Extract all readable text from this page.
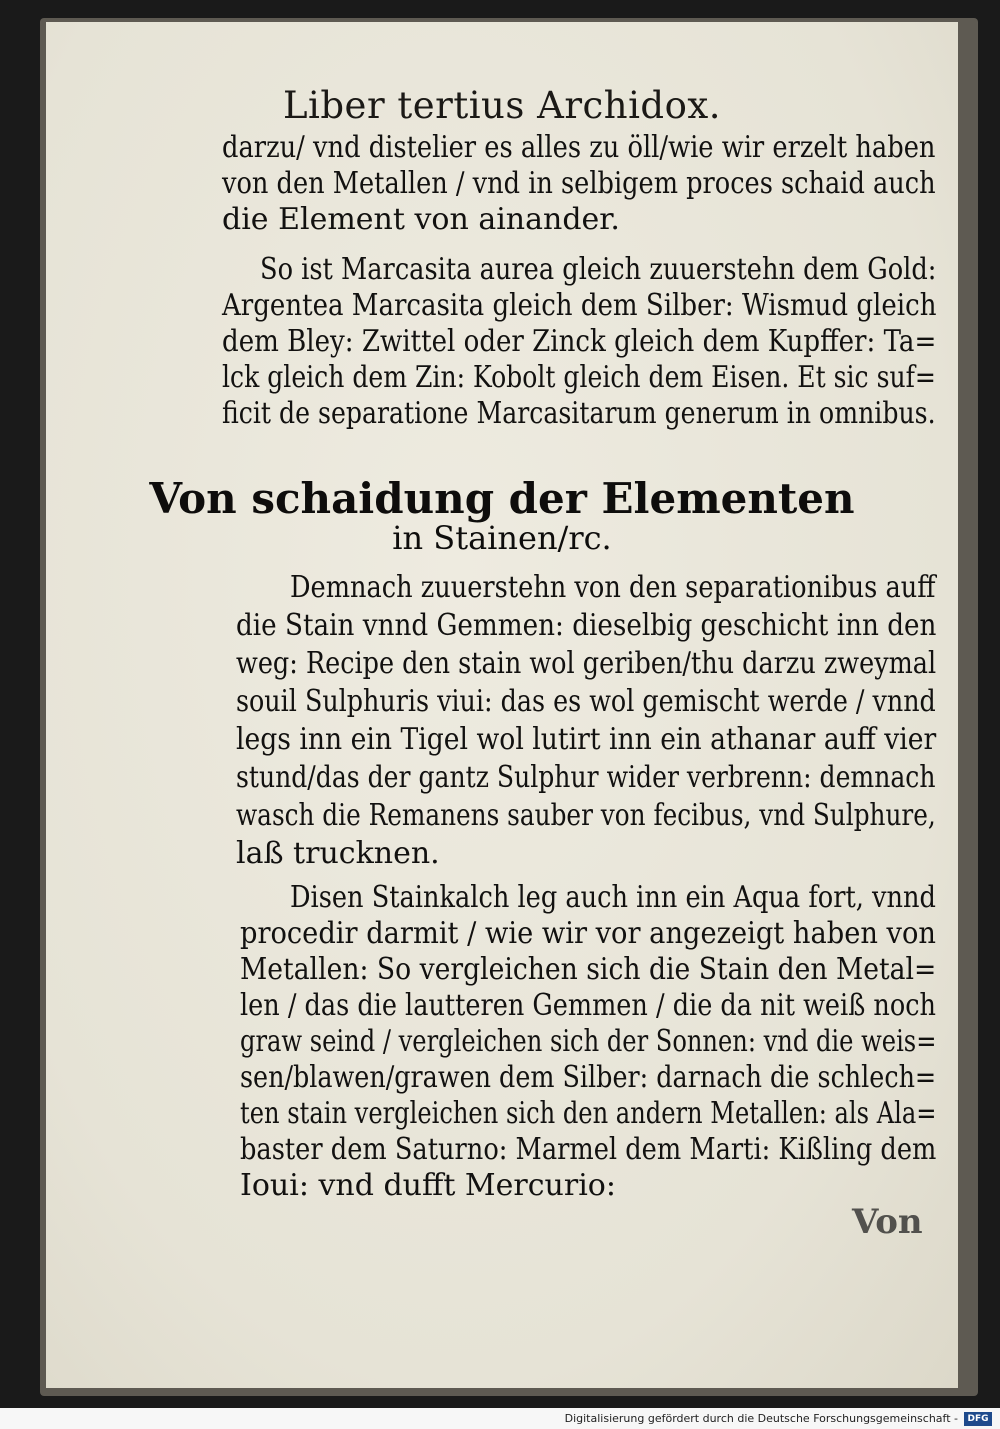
Liber tertius Archidox.
darzu/ vnd distelier es alles zu öll/wie wir erzelt haben
von den Metallen / vnd in selbigem proces schaid auch
die Element von ainander.
So ist Marcasita aurea gleich zuuerstehn dem Gold:
Argentea Marcasita gleich dem Silber: Wismud gleich
dem Bley: Zwittel oder Zinck gleich dem Kupffer: Ta=
lck gleich dem Zin: Kobolt gleich dem Eisen. Et sic suf=
ficit de separatione Marcasitarum generum in omnibus.
Von schaidung der Elementen
in Stainen/rc.
Demnach zuuerstehn von den separationibus auff
die Stain vnnd Gemmen: dieselbig geschicht inn den
weg: Recipe den stain wol geriben/thu darzu zweymal
souil Sulphuris viui: das es wol gemischt werde / vnnd
legs inn ein Tigel wol lutirt inn ein athanar auff vier
stund/das der gantz Sulphur wider verbrenn: demnach
wasch die Remanens sauber von fecibus, vnd Sulphure,
laß trucknen.
Disen Stainkalch leg auch inn ein Aqua fort, vnnd
procedir darmit / wie wir vor angezeigt haben von
Metallen: So vergleichen sich die Stain den Metal=
len / das die lautteren Gemmen / die da nit weiß noch
graw seind / vergleichen sich der Sonnen: vnd die weis=
sen/blawen/grawen dem Silber: darnach die schlech=
ten stain vergleichen sich den andern Metallen: als Ala=
baster dem Saturno: Marmel dem Marti: Kißling dem
Ioui: vnd dufft Mercurio:
Von
Digitalisierung gefördert durch die Deutsche Forschungsgemeinschaft - DFG
